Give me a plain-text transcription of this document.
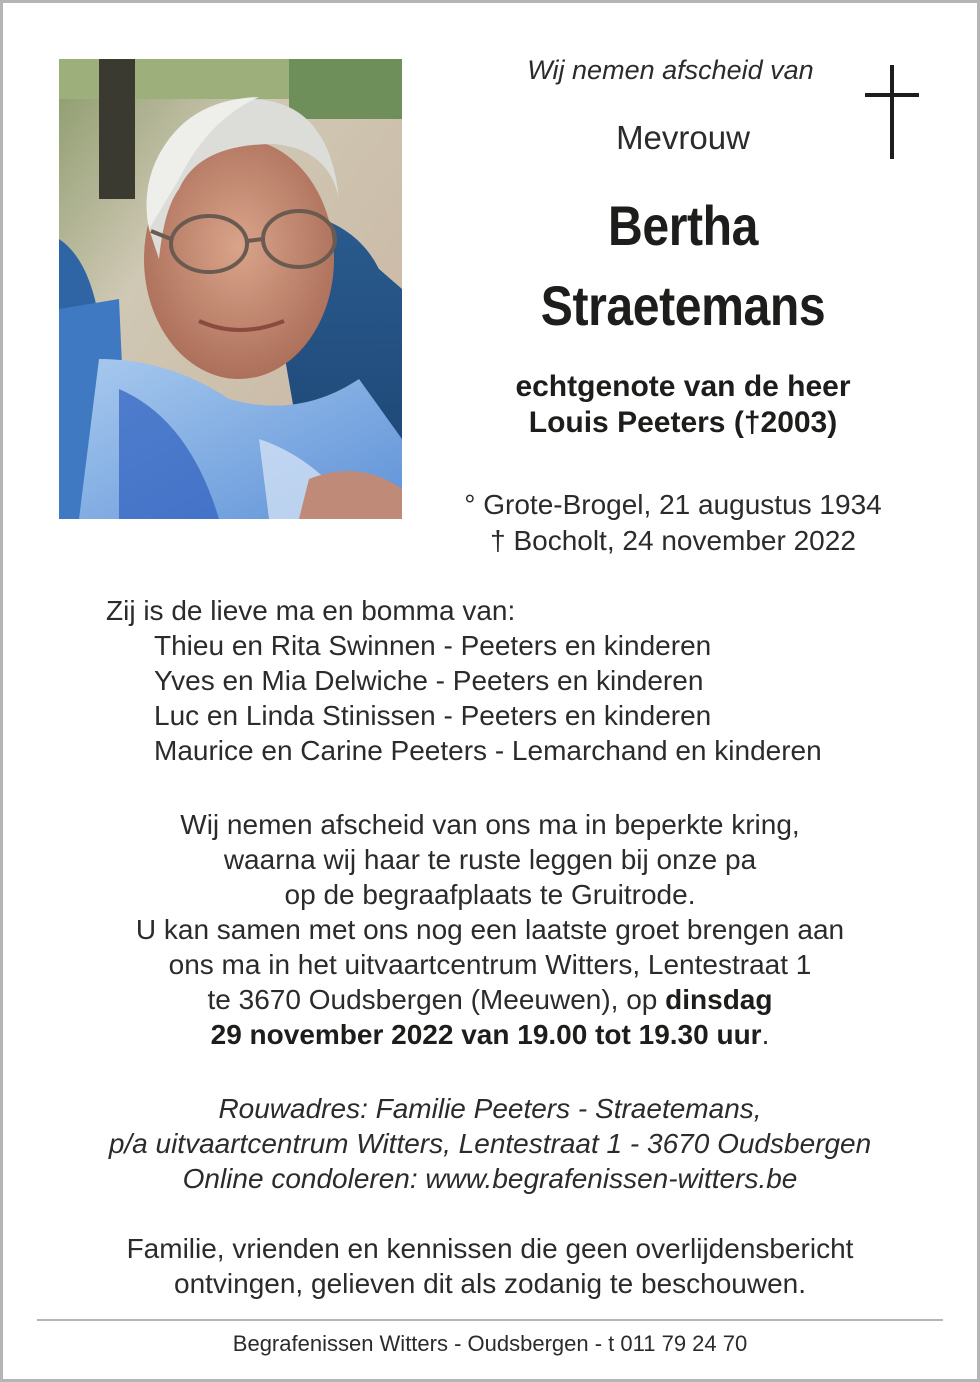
Wij nemen afscheid van
Mevrouw
Bertha
Straetemans
echtgenote van de heer
Louis Peeters (†2003)
° Grote-Brogel, 21 augustus 1934
† Bocholt, 24 november 2022
Zij is de lieve ma en bomma van:
Thieu en Rita Swinnen - Peeters en kinderen
Yves en Mia Delwiche - Peeters en kinderen
Luc en Linda Stinissen - Peeters en kinderen
Maurice en Carine Peeters - Lemarchand en kinderen
Wij nemen afscheid van ons ma in beperkte kring,
waarna wij haar te ruste leggen bij onze pa
op de begraafplaats te Gruitrode.
U kan samen met ons nog een laatste groet brengen aan
ons ma in het uitvaartcentrum Witters, Lentestraat 1
te 3670 Oudsbergen (Meeuwen), op dinsdag
29 november 2022 van 19.00 tot 19.30 uur.
Rouwadres: Familie Peeters - Straetemans,
p/a uitvaartcentrum Witters, Lentestraat 1 - 3670 Oudsbergen
Online condoleren: www.begrafenissen-witters.be
Familie, vrienden en kennissen die geen overlijdensbericht
ontvingen, gelieven dit als zodanig te beschouwen.
Begrafenissen Witters - Oudsbergen - t 011 79 24 70
